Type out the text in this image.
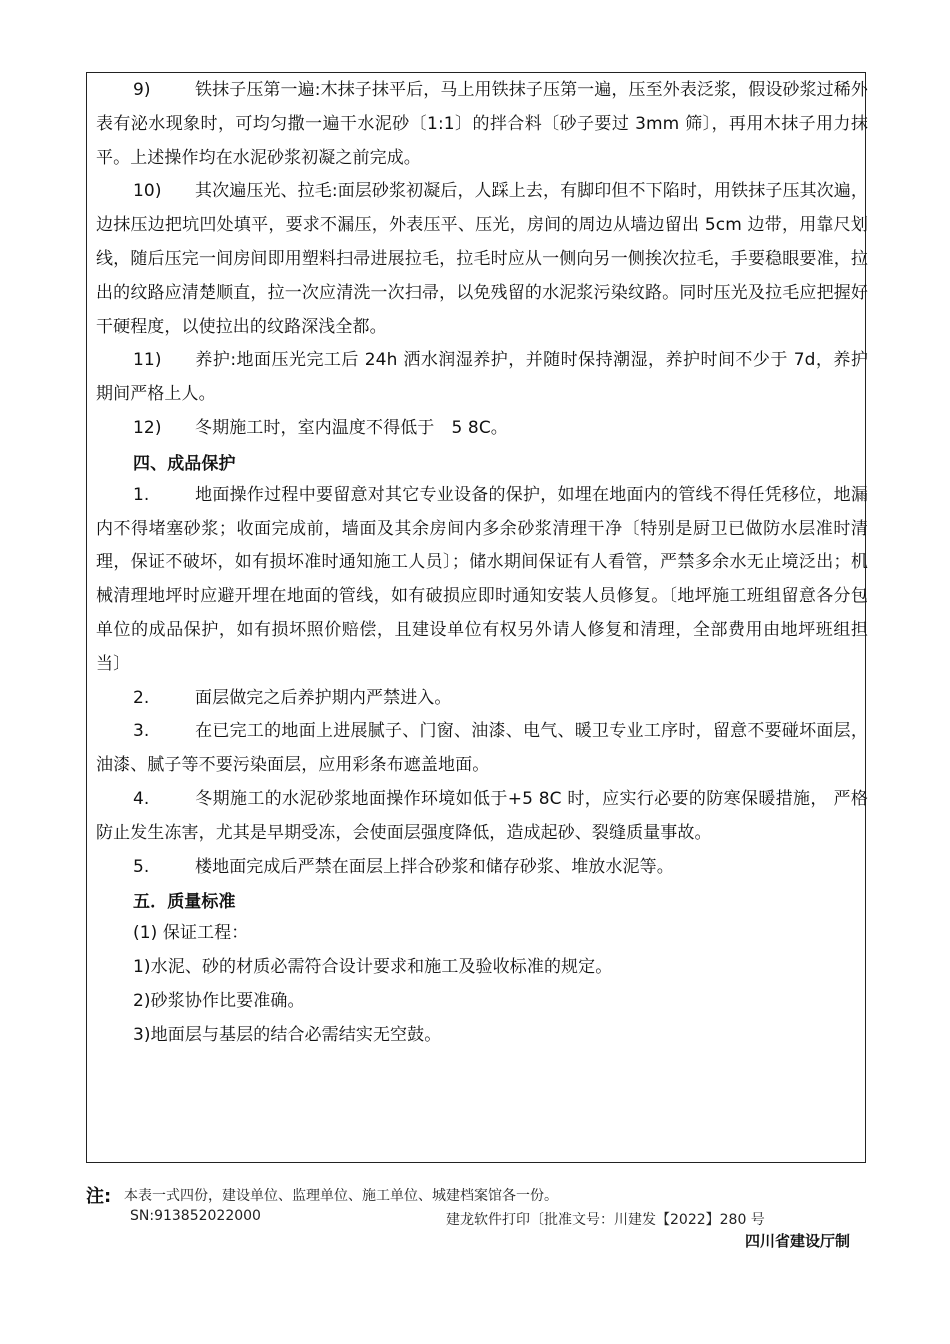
9)	铁抹子压第一遍:木抹子抹平后，马上用铁抹子压第一遍，压至外表泛浆，假设砂浆过稀外表有泌水现象时，可均匀撒一遍干水泥砂〔1:1〕的拌合料〔砂子要过 3mm 筛〕，再用木抹子用力抹平。上述操作均在水泥砂浆初凝之前完成。

10) 其次遍压光、拉毛:面层砂浆初凝后，人踩上去，有脚印但不下陷时，用铁抹子压其次遍，边抹压边把坑凹处填平，要求不漏压，外表压平、压光，房间的周边从墙边留出 5cm 边带，用靠尺划线，随后压完一间房间即用塑料扫帚进展拉毛，拉毛时应从一侧向另一侧挨次拉毛，手要稳眼要准，拉出的纹路应清楚顺直，拉一次应清洗一次扫帚，以免残留的水泥浆污染纹路。同时压光及拉毛应把握好干硬程度，以使拉出的纹路深浅全都。

11) 养护:地面压光完工后 24h 洒水润湿养护，并随时保持潮湿，养护时间不少于 7d，养护期间严格上人。

12) 冬期施工时，室内温度不得低于　5 8C。

四、成品保护

1.	地面操作过程中要留意对其它专业设备的保护，如埋在地面内的管线不得任凭移位，地漏内不得堵塞砂浆；收面完成前，墙面及其余房间内多余砂浆清理干净〔特别是厨卫已做防水层准时清理，保证不破坏，如有损坏准时通知施工人员〕；储水期间保证有人看管，严禁多余水无止境泛出；机械清理地坪时应避开埋在地面的管线，如有破损应即时通知安装人员修复。〔地坪施工班组留意各分包单位的成品保护，如有损坏照价赔偿，且建设单位有权另外请人修复和清理，全部费用由地坪班组担当〕

2.	面层做完之后养护期内严禁进入。

3.	在已完工的地面上进展腻子、门窗、油漆、电气、暖卫专业工序时，留意不要碰坏面层，油漆、腻子等不要污染面层，应用彩条布遮盖地面。

4.	冬期施工的水泥砂浆地面操作环境如低于+5 8C 时，应实行必要的防寒保暖措施， 严格防止发生冻害，尤其是早期受冻，会使面层强度降低，造成起砂、裂缝质量事故。

5.	楼地面完成后严禁在面层上拌合砂浆和储存砂浆、堆放水泥等。

五．质量标准

(1) 保证工程：

1)水泥、砂的材质必需符合设计要求和施工及验收标准的规定。

2)砂浆协作比要准确。

3)地面层与基层的结合必需结实无空鼓。

注: 本表一式四份，建设单位、监理单位、施工单位、城建档案馆各一份。
SN:913852022000	建龙软件打印〔批准文号：川建发【2022】280 号
四川省建设厅制
